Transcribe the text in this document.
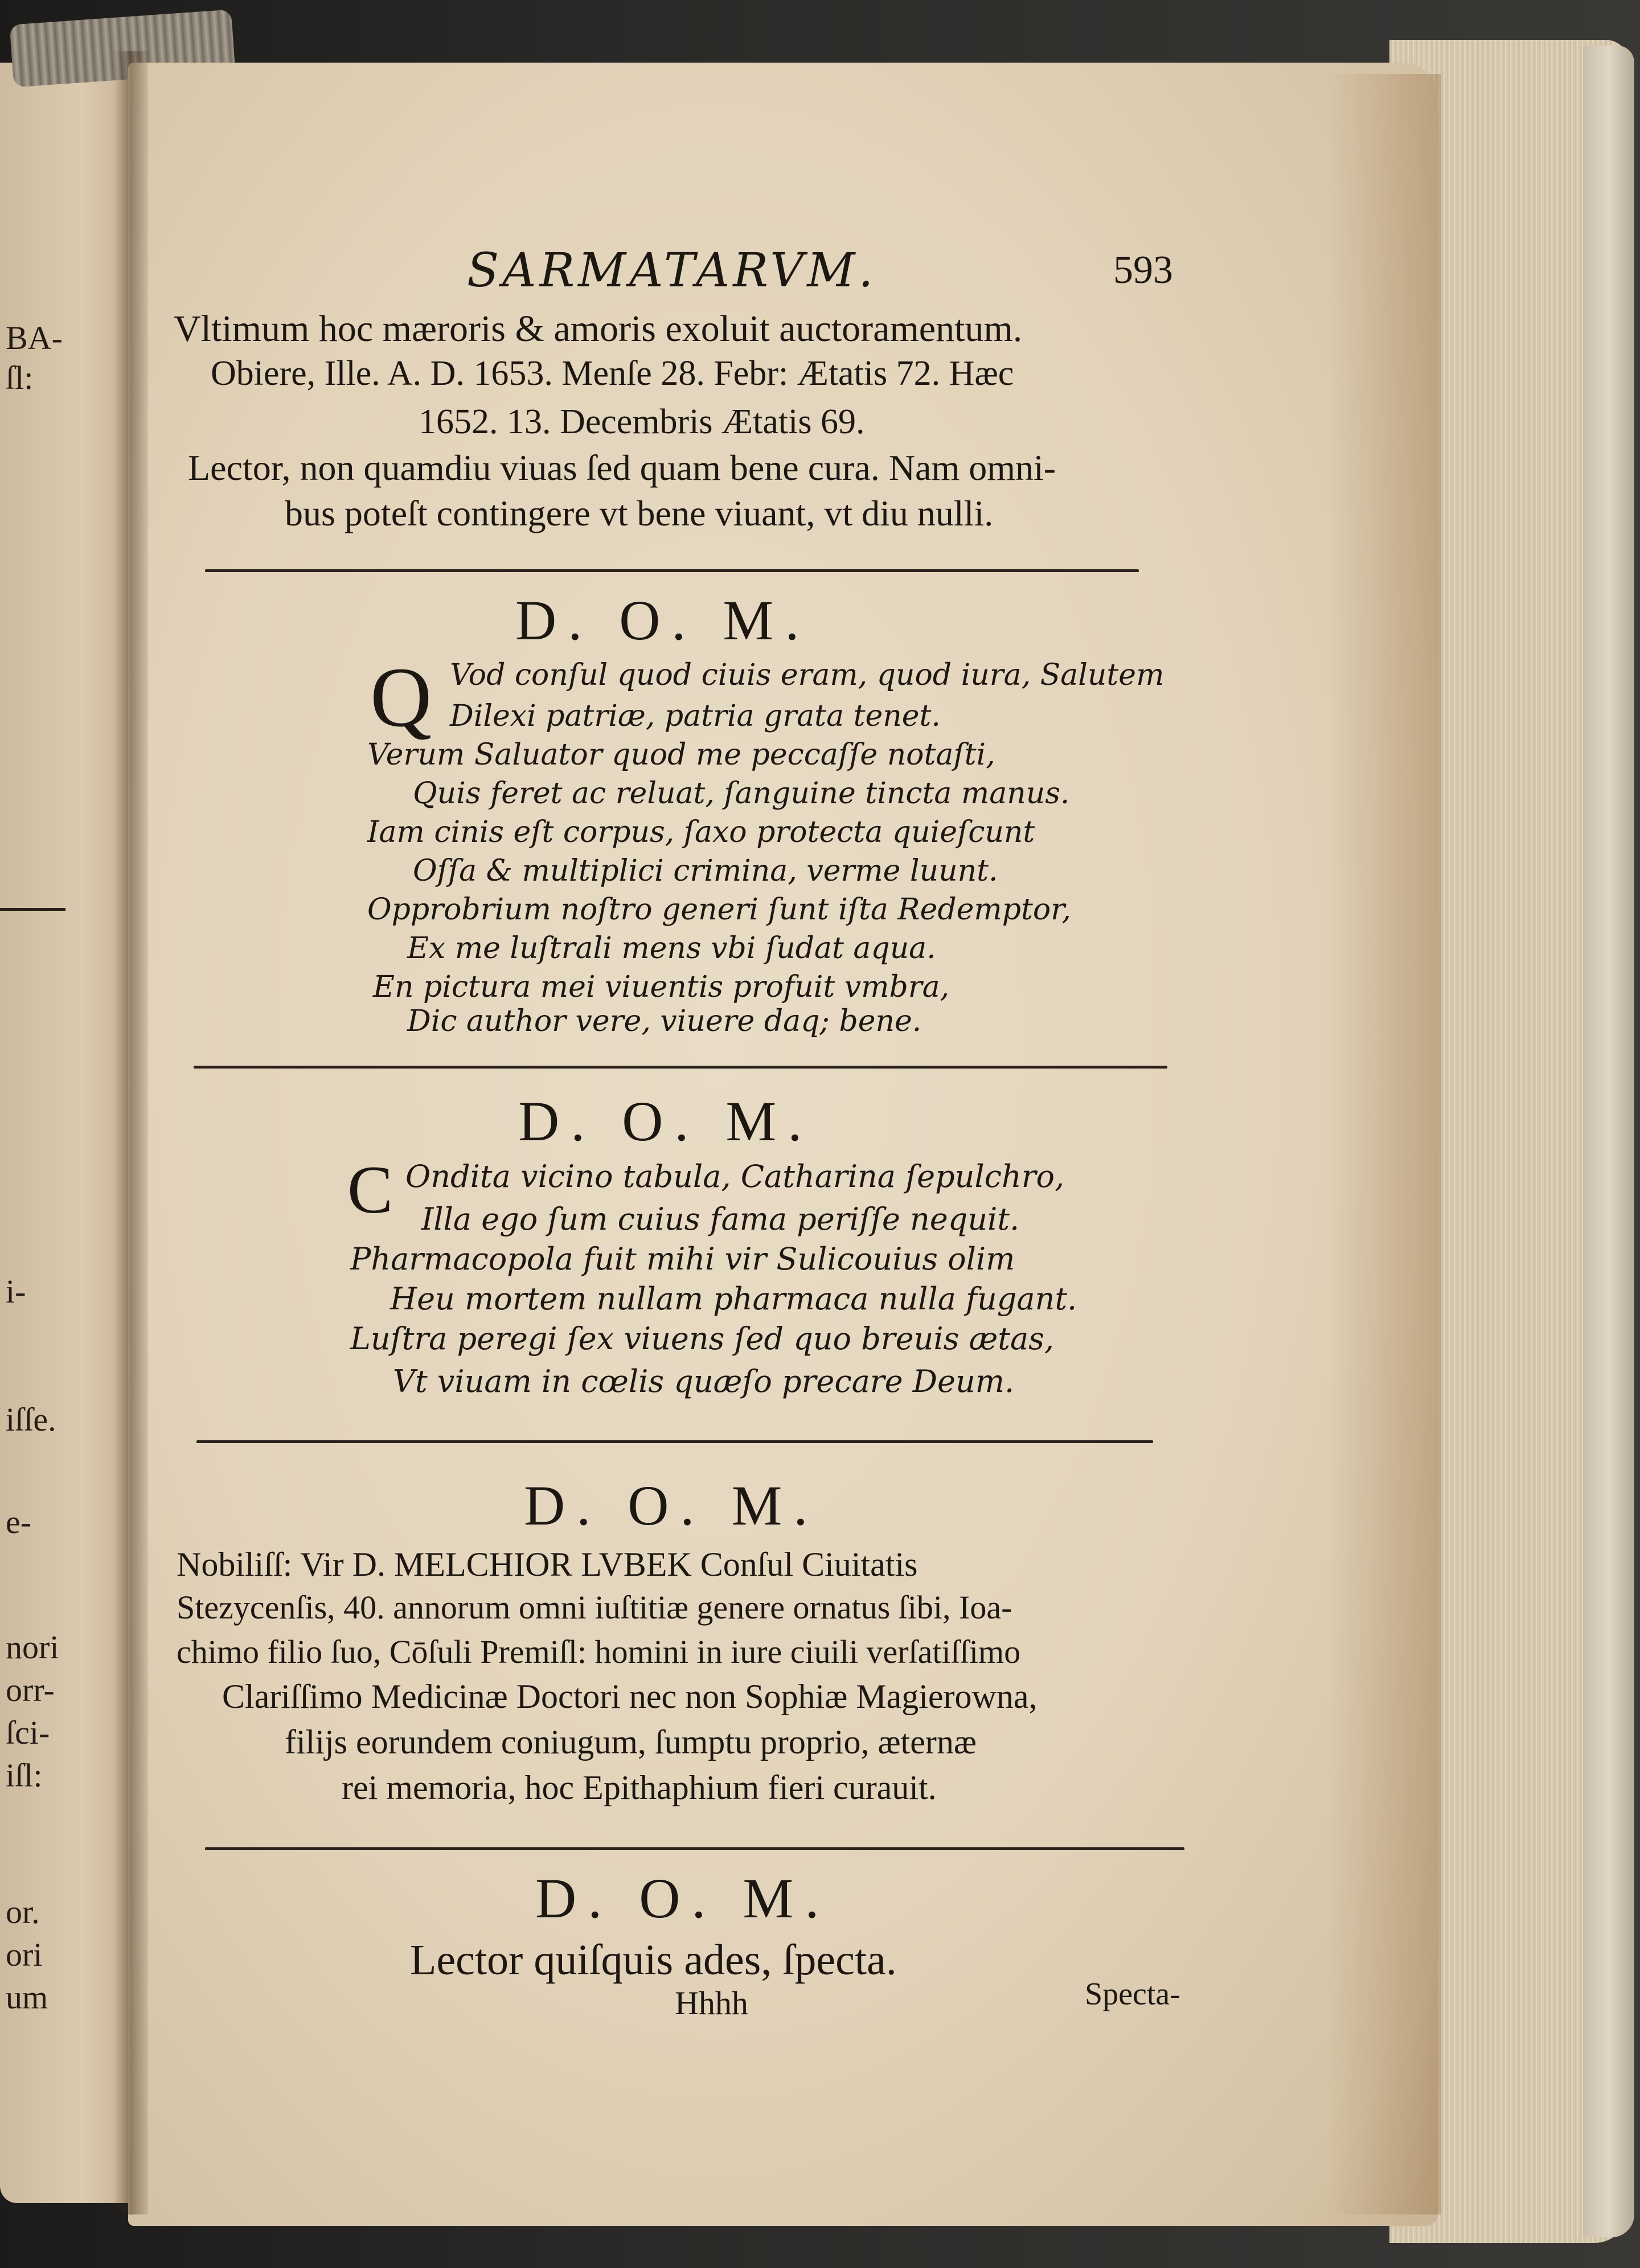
BA-
ſl:
i-
iſſe.
e-
nori
orr-
ſci-
iſl:
or.
ori
um
SARMATARVM.	593
Vltimum hoc mæroris & amoris exoluit auctoramentum.
Obiere, Ille. A. D. 1653. Menſe 28. Febr: Ætatis 72. Hæc
1652. 13. Decembris Ætatis 69.
Lector, non quamdiu viuas ſed quam bene cura. Nam omni-
bus poteſt contingere vt bene viuant, vt diu nulli.
D. O. M.
Q Vod conſul quod ciuis eram, quod iura, Salutem
Dilexi patriæ, patria grata tenet.
Verum Saluator quod me peccaſſe notaſti,
Quis feret ac reluat, ſanguine tincta manus.
Iam cinis eſt corpus, ſaxo protecta quieſcunt
Oſſa & multiplici crimina, verme luunt.
Opprobrium noſtro generi ſunt iſta Redemptor,
Ex me luſtrali mens vbi ſudat aqua.
En pictura mei viuentis profuit vmbra,
Dic author vere, viuere daq; bene.
D. O. M.
C Ondita vicino tabula, Catharina ſepulchro,
Illa ego ſum cuius fama periſſe nequit.
Pharmacopola fuit mihi vir Sulicouius olim
Heu mortem nullam pharmaca nulla fugant.
Luſtra peregi ſex viuens ſed quo breuis ætas,
Vt viuam in cœlis quæſo precare Deum.
D. O. M.
Nobiliſſ: Vir D. MELCHIOR LVBEK Conſul Ciuitatis
Stezycenſis, 40. annorum omni iuſtitiæ genere ornatus ſibi, Ioa-
chimo filio ſuo, Cōſuli Premiſl: homini in iure ciuili verſatiſſimo
Clariſſimo Medicinæ Doctori nec non Sophiæ Magierowna,
filijs eorundem coniugum, ſumptu proprio, æternæ
rei memoria, hoc Epithaphium fieri curauit.
D. O. M.
Lector quiſquis ades, ſpecta.
Hhhh	Specta-
